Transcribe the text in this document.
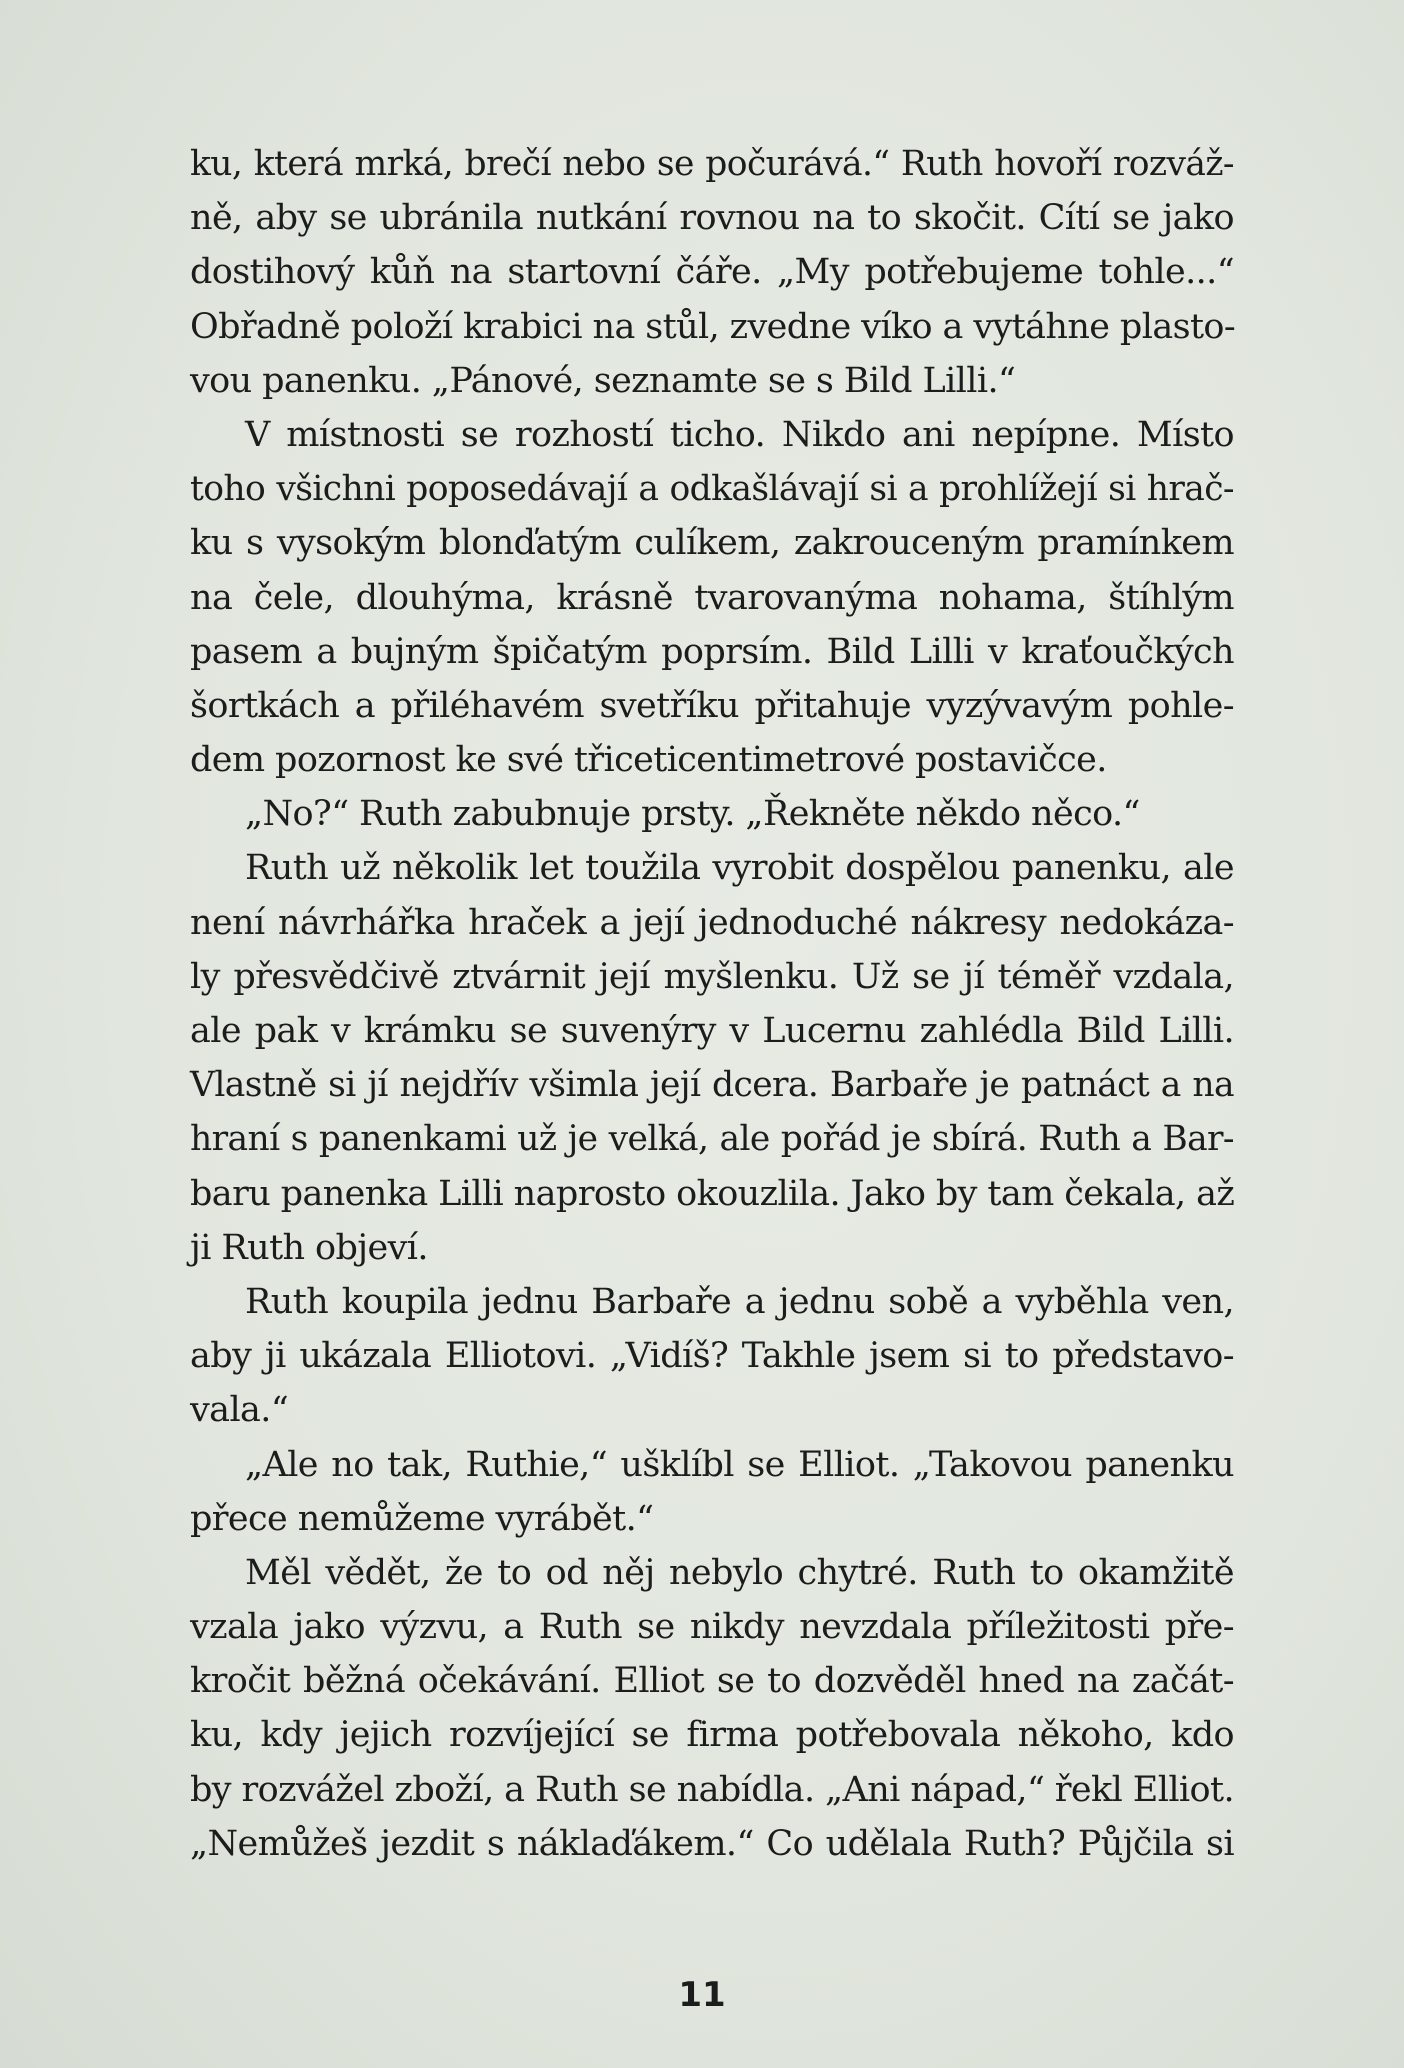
ku, která mrká, brečí nebo se počurává.“ Ruth hovoří rozváž-
ně, aby se ubránila nutkání rovnou na to skočit. Cítí se jako
dostihový kůň na startovní čáře. „My potřebujeme tohle...“
Obřadně položí krabici na stůl, zvedne víko a vytáhne plasto-
vou panenku. „Pánové, seznamte se s Bild Lilli.“
V místnosti se rozhostí ticho. Nikdo ani nepípne. Místo
toho všichni poposedávají a odkašlávají si a prohlížejí si hrač-
ku s vysokým blonďatým culíkem, zakrouceným pramínkem
na čele, dlouhýma, krásně tvarovanýma nohama, štíhlým
pasem a bujným špičatým poprsím. Bild Lilli v kraťoučkých
šortkách a přiléhavém svetříku přitahuje vyzývavým pohle-
dem pozornost ke své třiceticentimetrové postavičce.
„No?“ Ruth zabubnuje prsty. „Řekněte někdo něco.“
Ruth už několik let toužila vyrobit dospělou panenku, ale
není návrhářka hraček a její jednoduché nákresy nedokáza-
ly přesvědčivě ztvárnit její myšlenku. Už se jí téměř vzdala,
ale pak v krámku se suvenýry v Lucernu zahlédla Bild Lilli.
Vlastně si jí nejdřív všimla její dcera. Barbaře je patnáct a na
hraní s panenkami už je velká, ale pořád je sbírá. Ruth a Bar-
baru panenka Lilli naprosto okouzlila. Jako by tam čekala, až
ji Ruth objeví.
Ruth koupila jednu Barbaře a jednu sobě a vyběhla ven,
aby ji ukázala Elliotovi. „Vidíš? Takhle jsem si to představo-
vala.“
„Ale no tak, Ruthie,“ ušklíbl se Elliot. „Takovou panenku
přece nemůžeme vyrábět.“
Měl vědět, že to od něj nebylo chytré. Ruth to okamžitě
vzala jako výzvu, a Ruth se nikdy nevzdala příležitosti pře-
kročit běžná očekávání. Elliot se to dozvěděl hned na začát-
ku, kdy jejich rozvíjející se firma potřebovala někoho, kdo
by rozvážel zboží, a Ruth se nabídla. „Ani nápad,“ řekl Elliot.
„Nemůžeš jezdit s náklaďákem.“ Co udělala Ruth? Půjčila si
11
